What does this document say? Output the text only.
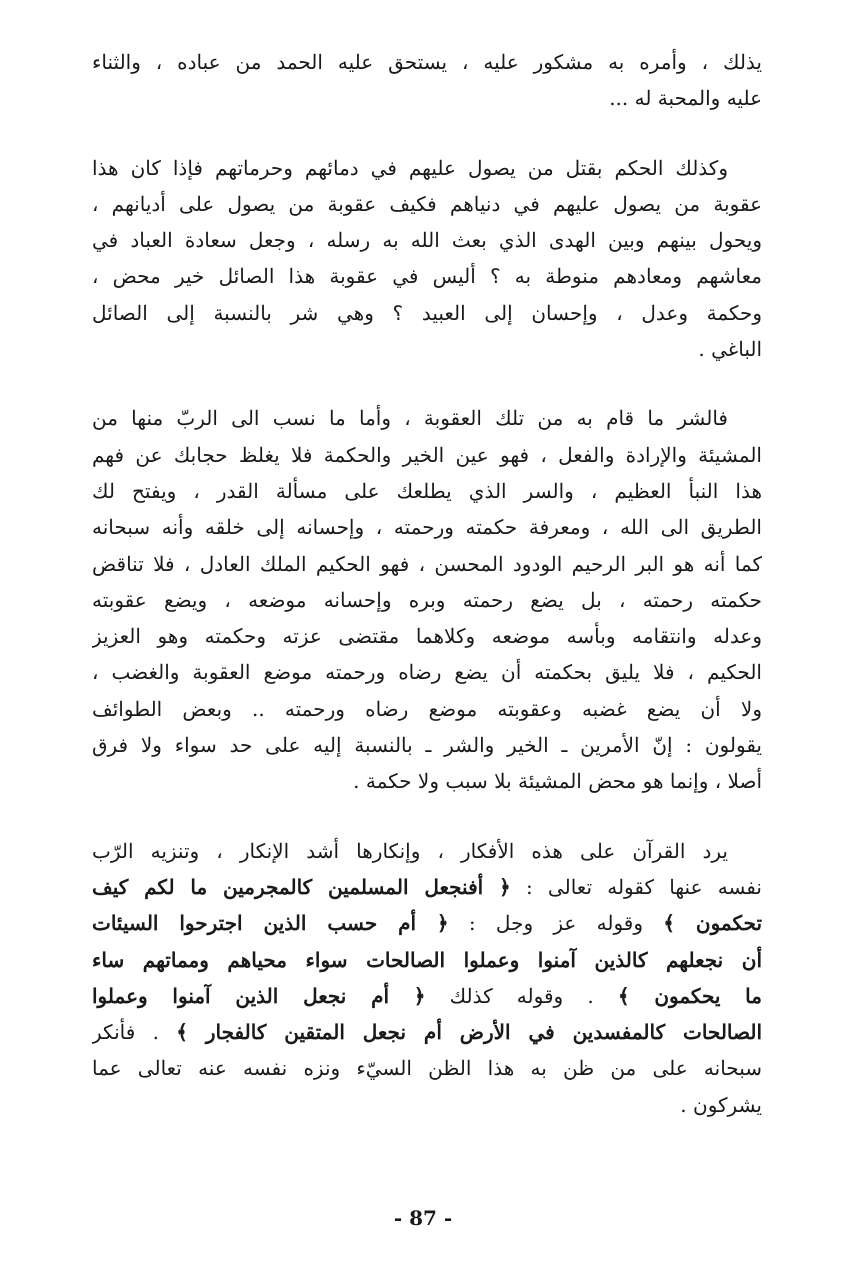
يذلك ، وأمره به مشكور عليه ، يستحق عليه الحمد من عباده ، والثناء
عليه والمحبة له ...
وكذلك الحكم بقتل من يصول عليهم في دمائهم وحرماتهم فإذا كان هذا
عقوبة من يصول عليهم في دنياهم فكيف عقوبة من يصول على أديانهم ،
ويحول بينهم وبين الهدى الذي بعث الله به رسله ، وجعل سعادة العباد في
معاشهم ومعادهم منوطة به ؟ أليس في عقوبة هذا الصائل خير محض ،
وحكمة وعدل ، وإحسان إلى العبيد ؟ وهي شر بالنسبة إلى الصائل
الباغي .
فالشر ما قام به من تلك العقوبة ، وأما ما نسب الى الربّ منها من
المشيئة والإرادة والفعل ، فهو عين الخير والحكمة فلا يغلظ حجابك عن فهم
هذا النبأ العظيم ، والسر الذي يطلعك على مسألة القدر ، ويفتح لك
الطريق الى الله ، ومعرفة حكمته ورحمته ، وإحسانه إلى خلقه وأنه سبحانه
كما أنه هو البر الرحيم الودود المحسن ، فهو الحكيم الملك العادل ، فلا تناقض
حكمته رحمته ، بل يضع رحمته وبره وإحسانه موضعه ، ويضع عقوبته
وعدله وانتقامه وبأسه موضعه وكلاهما مقتضى عزته وحكمته وهو العزيز
الحكيم ، فلا يليق بحكمته أن يضع رضاه ورحمته موضع العقوبة والغضب ،
ولا أن يضع غضبه وعقوبته موضع رضاه ورحمته .. وبعض الطوائف
يقولون : إنّ الأمرين ـ الخير والشر ـ بالنسبة إليه على حد سواء ولا فرق
أصلا ، وإنما هو محض المشيئة بلا سبب ولا حكمة .
يرد القرآن على هذه الأفكار ، وإنكارها أشد الإنكار ، وتنزيه الرّب
نفسه عنها كقوله تعالى : ﴿ أفنجعل المسلمين كالمجرمين ما لكم كيف
تحكمون ﴾ وقوله عز وجل : ﴿ أم حسب الذين اجترحوا السيئات
أن نجعلهم كالذين آمنوا وعملوا الصالحات سواء محياهم ومماتهم ساء
ما يحكمون ﴾ . وقوله كذلك ﴿ أم نجعل الذين آمنوا وعملوا
الصالحات كالمفسدين في الأرض أم نجعل المتقين كالفجار ﴾ . فأنكر
سبحانه على من ظن به هذا الظن السيّء ونزه نفسه عنه تعالى عما
يشركون .
- 87 -
